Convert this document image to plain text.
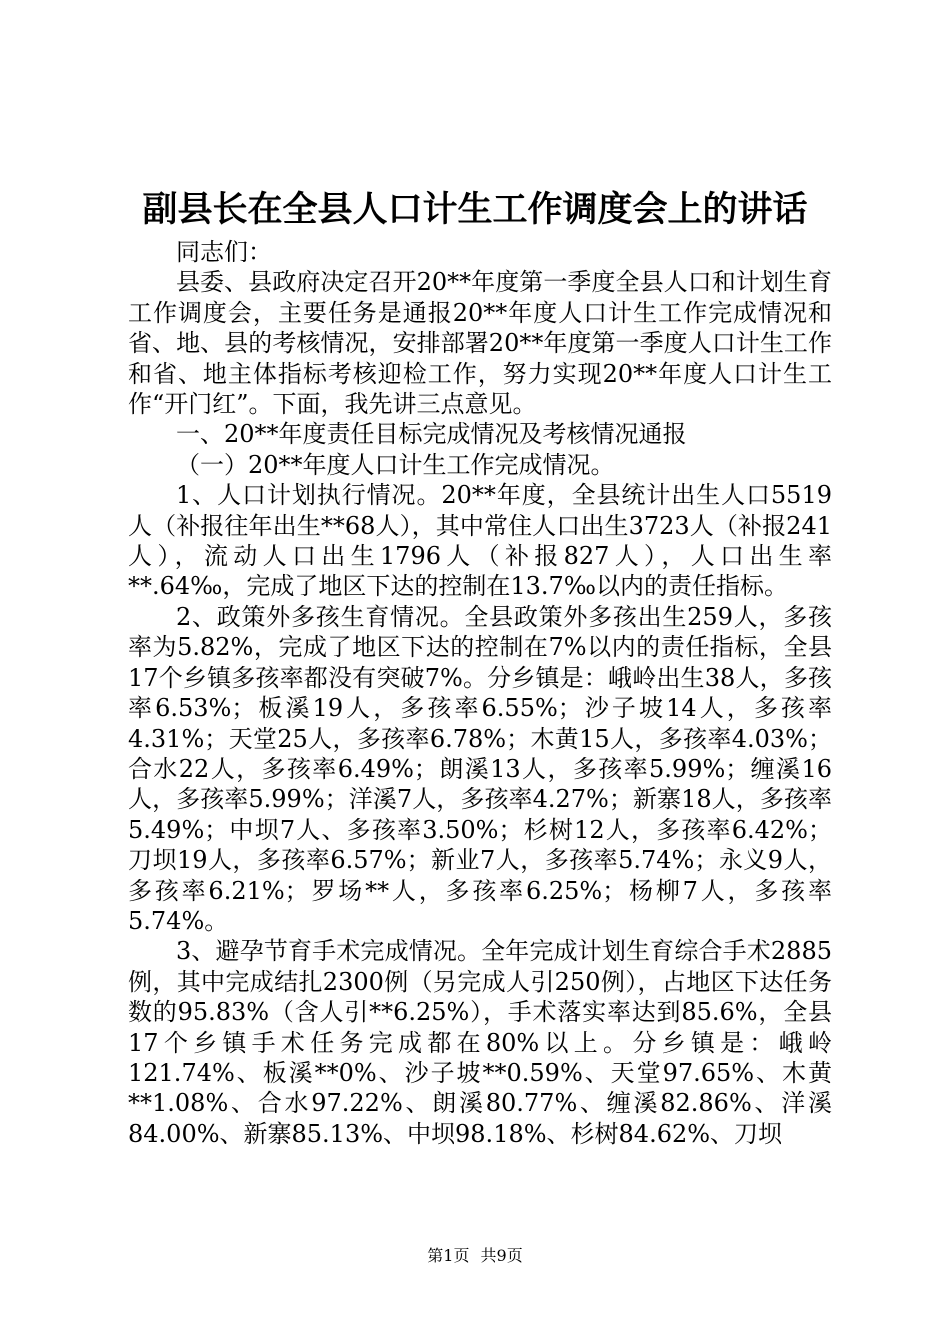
副县长在全县人口计生工作调度会上的讲话

同志们：

县委、县政府决定召开20**年度第一季度全县人口和计划生育工作调度会，主要任务是通报20**年度人口计生工作完成情况和省、地、县的考核情况，安排部署20**年度第一季度人口计生工作和省、地主体指标考核迎检工作，努力实现20**年度人口计生工作“开门红”。下面，我先讲三点意见。

一、20**年度责任目标完成情况及考核情况通报

（一）20**年度人口计生工作完成情况。

1、人口计划执行情况。20**年度，全县统计出生人口5519人（补报往年出生**68人），其中常住人口出生3723人（补报241人），流动人口出生1796人（补报827人），人口出生率**.64‰，完成了地区下达的控制在13.7‰以内的责任指标。

2、政策外多孩生育情况。全县政策外多孩出生259人，多孩率为5.82%，完成了地区下达的控制在7%以内的责任指标，全县17个乡镇多孩率都没有突破7%。分乡镇是：峨岭出生38人，多孩率6.53%；板溪19人，多孩率6.55%；沙子坡14人，多孩率4.31%；天堂25人，多孩率6.78%；木黄15人，多孩率4.03%；合水22人，多孩率6.49%；朗溪13人，多孩率5.99%；缠溪16人，多孩率5.99%；洋溪7人，多孩率4.27%；新寨18人，多孩率5.49%；中坝7人、多孩率3.50%；杉树12人，多孩率6.42%；刀坝19人，多孩率6.57%；新业7人，多孩率5.74%；永义9人，多孩率6.21%；罗场**人，多孩率6.25%；杨柳7人，多孩率5.74%。

3、避孕节育手术完成情况。全年完成计划生育综合手术2885例，其中完成结扎2300例（另完成人引250例），占地区下达任务数的95.83%（含人引**6.25%），手术落实率达到85.6%，全县17个乡镇手术任务完成都在80%以上。分乡镇是：峨岭121.74%、板溪**0%、沙子坡**0.59%、天堂97.65%、木黄**1.08%、合水97.22%、朗溪80.77%、缠溪82.86%、洋溪84.00%、新寨85.13%、中坝98.18%、杉树84.62%、刀坝

第1页 共9页
